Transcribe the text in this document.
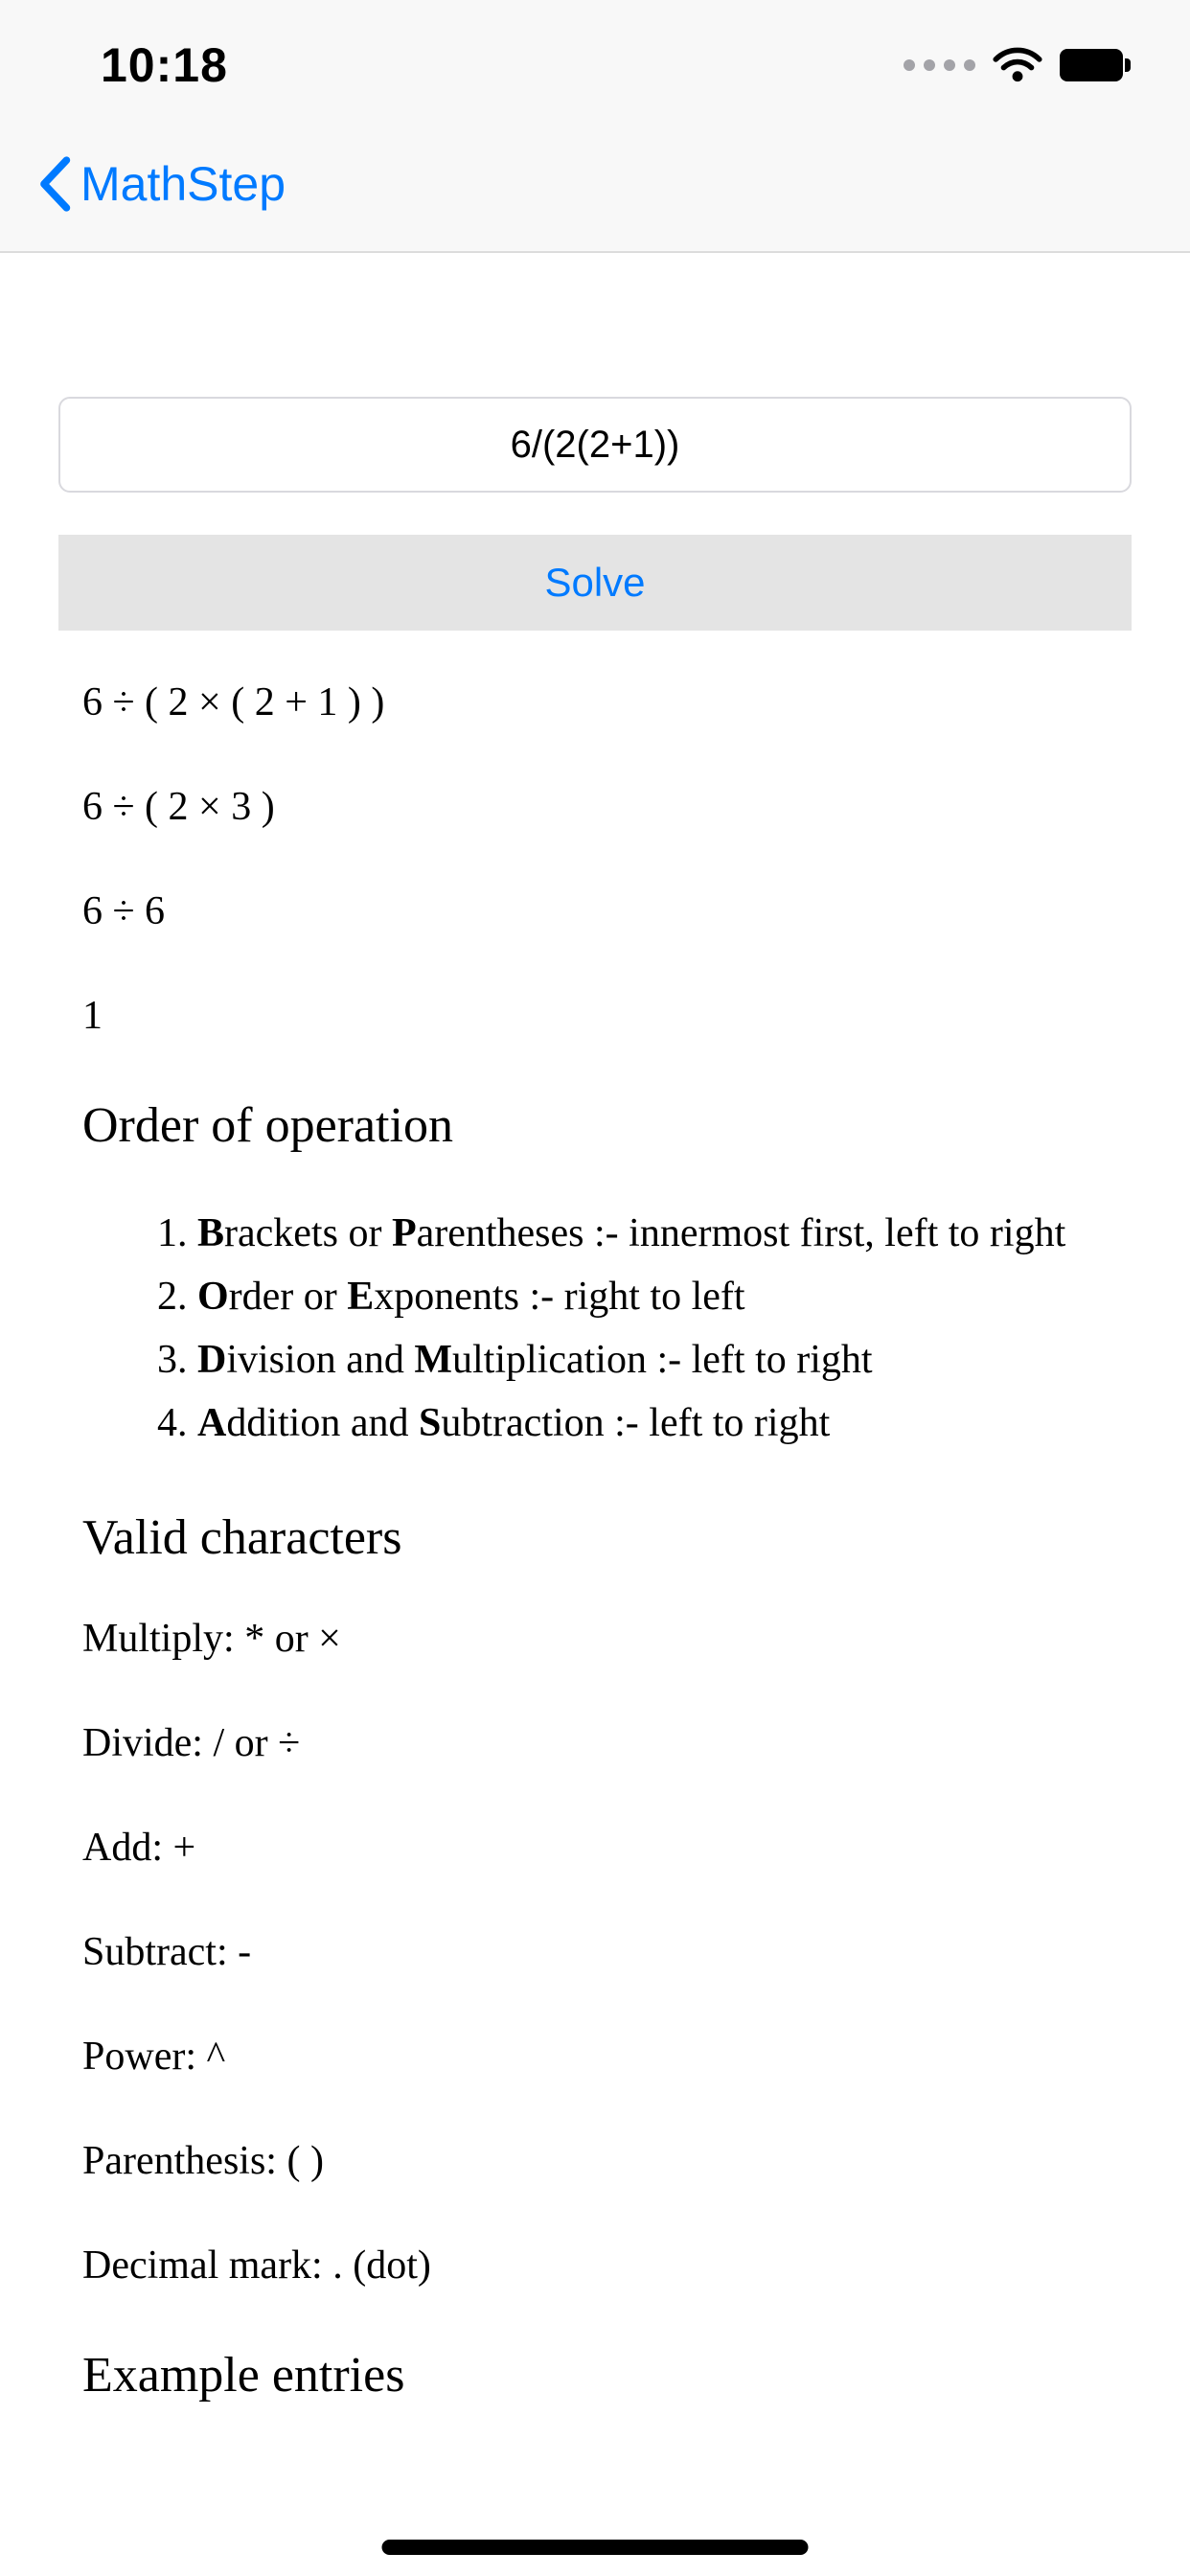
10:18
MathStep
6/(2(2+1))
Solve

6 ÷ ( 2 × ( 2 + 1 ) )

6 ÷ ( 2 × 3 )

6 ÷ 6

1

Order of operation
1. Brackets or Parentheses :- innermost first, left to right
2. Order or Exponents :- right to left
3. Division and Multiplication :- left to right
4. Addition and Subtraction :- left to right
Valid characters

Multiply: * or ×

Divide: / or ÷

Add: +

Subtract: -

Power: ^

Parenthesis: ( )

Decimal mark: . (dot)

Example entries
